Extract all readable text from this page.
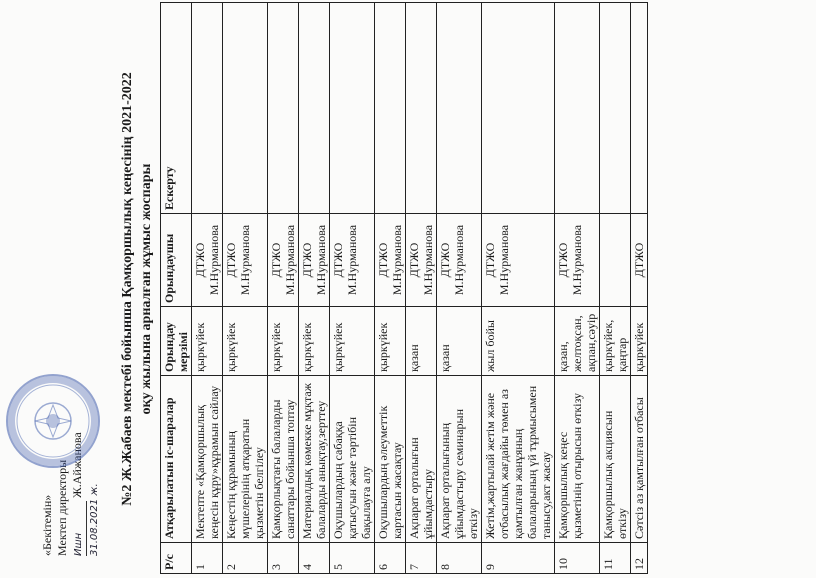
«Бекітемін» Мектеп директоры Ишн Ж.Айжанова
31.08.2021 ж.
№2 Ж.Жабаев мектебі бойынша Қамқоршылық кеңесінің 2021-2022 оқу жылына арналған жұмыс жоспары
Р/с	Атқарылатын іс-шаралар	Орындау мерзімі	Орындаушы	Ескерту
1	Мектепте «Қамқоршылық кеңесін құру»құрамын сайлау	қыркүйек	ДТЖО М.Нурманова	
2	Кеңестің құрамының мүшелерінің атқаратын қызметін белгілеу	қыркүйек	ДТЖО М.Нурманова	
3	Қамқорлықтағы балаларды санаттары бойынша топтау	қыркүйек	ДТЖО М.Нурманова	
4	Материалдық көмекке мұқтаж балаларды анықтау,зерттеу	қыркүйек	ДТЖО М.Нурманова	
5	Оқушылардың сабаққа қатысуын және тәртібін бақылауға алу	қыркүйек	ДТЖО М.Нурманова	
6	Оқушылардың әлеуметтік картасын жасақтау	қыркүйек	ДТЖО М.Нурманова	
7	Ақпарат орталығын ұйымдастыру	қазан	ДТЖО М.Нурманова	
8	Ақпарат орталығының ұйымдастыру семинарын өткізу	қазан	ДТЖО М.Нурманова	
9	Жетім,жартылай жетім және отбасылық жағдайы төмен аз қамтылған жанұяның балаларының үй тұрмысымен танысу,акт жасау	жыл бойы	ДТЖО М.Нурманова	
10	Қамқоршылық кеңес қызметінің отырысын өткізу	қазан, желтоқсан, ақпан,сәуір	ДТЖО М.Нурманова	
11	Қамқоршылық акциясын өткізу	қыркүйек, қаңтар		
12	Сәтсіз аз қамтылған отбасы	қыркүйек	ДТЖО	
